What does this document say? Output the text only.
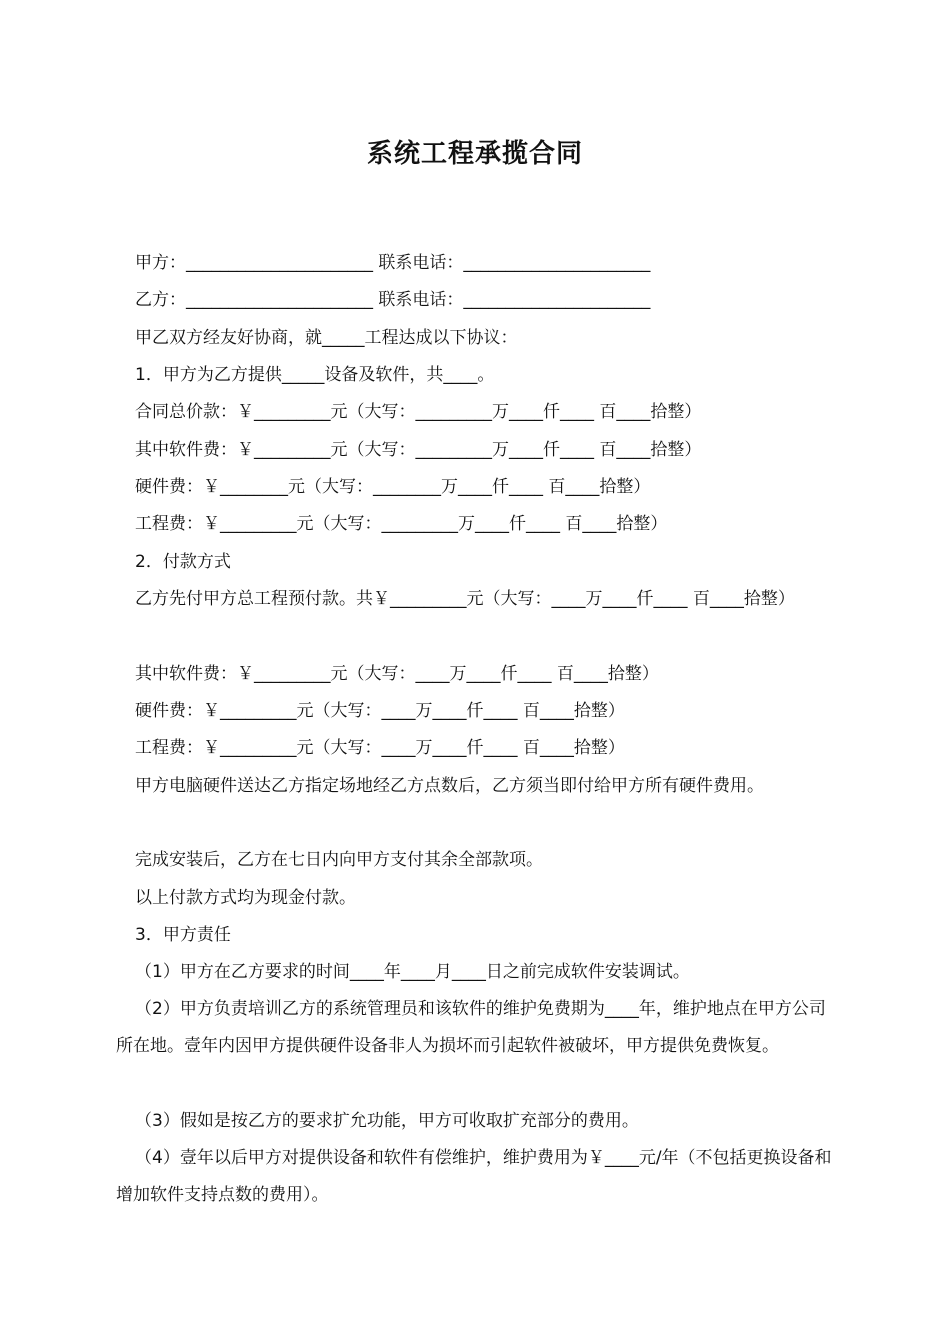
系统工程承揽合同
甲方：______________________ 联系电话：______________________
乙方：______________________ 联系电话：______________________
甲乙双方经友好协商，就_____工程达成以下协议：
1．甲方为乙方提供_____设备及软件，共____。
合同总价款：￥_________元（大写：_________万____仟____ 百____拾整）
其中软件费：￥_________元（大写：_________万____仟____ 百____拾整）
硬件费：￥________元（大写：________万____仟____ 百____拾整）
工程费：￥_________元（大写：_________万____仟____ 百____拾整）
2．付款方式
乙方先付甲方总工程预付款。共￥_________元（大写：____万____仟____ 百____拾整）
其中软件费：￥_________元（大写：____万____仟____ 百____拾整）
硬件费：￥_________元（大写：____万____仟____ 百____拾整）
工程费：￥_________元（大写：____万____仟____ 百____拾整）
甲方电脑硬件送达乙方指定场地经乙方点数后，乙方须当即付给甲方所有硬件费用。
完成安装后，乙方在七日内向甲方支付其余全部款项。
以上付款方式均为现金付款。
3．甲方责任
（1）甲方在乙方要求的时间____年____月____日之前完成软件安装调试。
（2）甲方负责培训乙方的系统管理员和该软件的维护免费期为____年，维护地点在甲方公司所在地。壹年内因甲方提供硬件设备非人为损坏而引起软件被破坏，甲方提供免费恢复。
（3）假如是按乙方的要求扩允功能，甲方可收取扩充部分的费用。
（4）壹年以后甲方对提供设备和软件有偿维护，维护费用为￥____元/年（不包括更换设备和增加软件支持点数的费用）。
